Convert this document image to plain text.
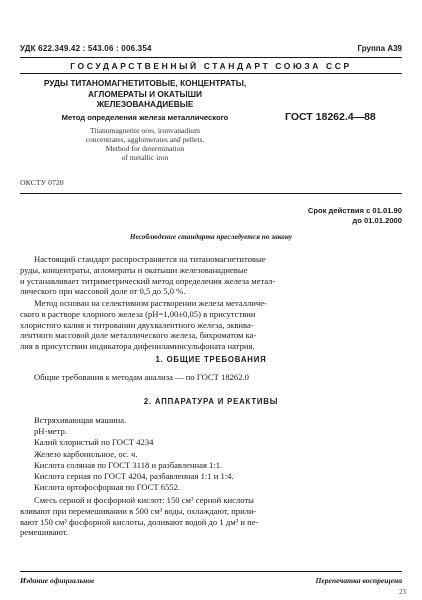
УДК 622.349.42 : 543.06 : 006.354	Группа А39
ГОСУДАРСТВЕННЫЙ СТАНДАРТ СОЮЗА ССР
РУДЫ ТИТАНОМАГНЕТИТОВЫЕ, КОНЦЕНТРАТЫ,
АГЛОМЕРАТЫ И ОКАТЫШИ
ЖЕЛЕЗОВАНАДИЕВЫЕ
Метод определения железа металлического	ГОСТ 18262.4—88
Titanomagnetite ores, ironvanadium
concentrates, agglomerates and pellets.
Method for determination
of metallic iron
ОКСТУ 0720
Срок действия с 01.01.90
до 01.01.2000
Несоблюдение стандарта преследуется по закону
Настоящий стандарт распространяется на титаномагнетитовые
руды, концентраты, агломераты и окатыши железованадиевые
и устанавливает титриметрический метод определения железа метал-
лического при массовой доле от 0,5 до 5,0 %.
Метод основан на селективном растворении железа металличе-
ского в растворе хлорного железа (pH=1,00±0,05) в присутствии
хлористого калия и титровании двухвалентного железа, эквива-
лентного массовой доле металлического железа, бихроматом ка-
лия в присутствии индикатора дифениламинсульфоната натрия.
1. ОБЩИЕ ТРЕБОВАНИЯ
Общие требования к методам анализа — по ГОСТ 18262.0
2. АППАРАТУРА И РЕАКТИВЫ
Встряхивающая машина.
pH-метр.
Калий хлористый по ГОСТ 4234
Железо карбонильное, ос. ч.
Кислота соляная по ГОСТ 3118 и разбавленная 1:1.
Кислота серная по ГОСТ 4204, разбавленная 1:1 и 1:4.
Кислота ортофосфорная по ГОСТ 6552.
Смесь серной и фосфорной кислот: 150 см³ серной кислоты
вливают при перемешивании в 500 см³ воды, охлаждают, прили-
вают 150 см³ фосфорной кислоты, доливают водой до 1 дм³ и пе-
ремешивают.
Издание официальное	Перепечатка воспрещена
23
